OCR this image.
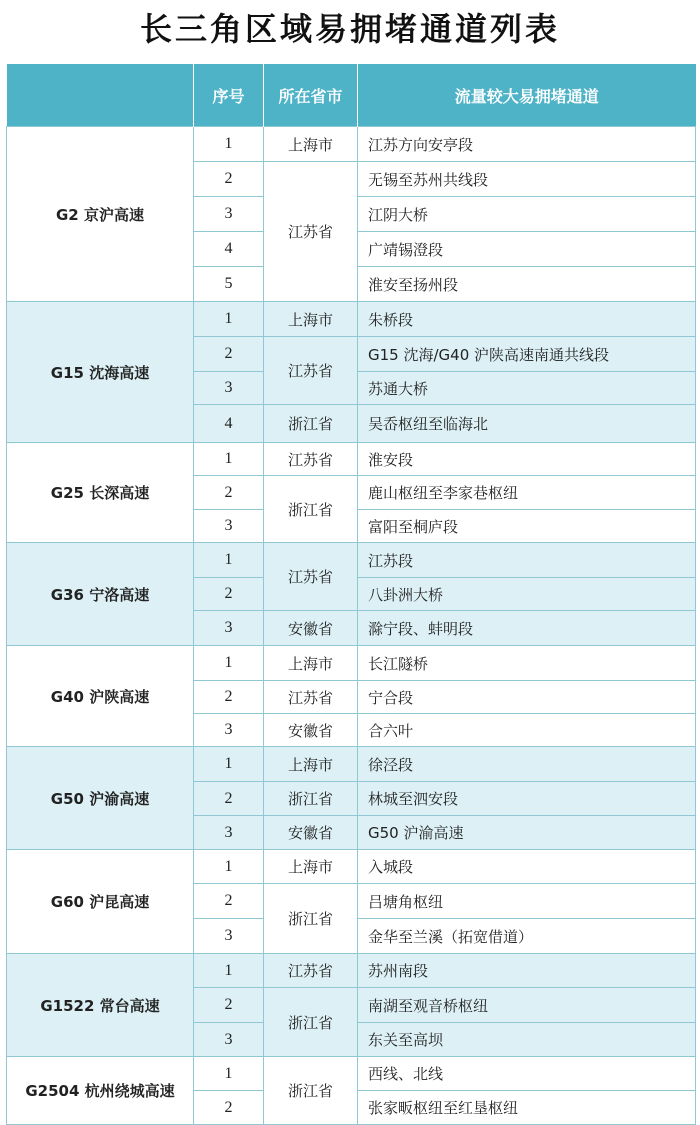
长三角区域易拥堵通道列表
	序号	所在省市	流量较大易拥堵通道
G2 京沪高速	1	上海市	江苏方向安亭段
	2	江苏省	无锡至苏州共线段
	3		江阴大桥
	4		广靖锡澄段
	5		淮安至扬州段
G15 沈海高速	1	上海市	朱桥段
	2	江苏省	G15 沈海/G40 沪陕高速南通共线段
	3		苏通大桥
	4	浙江省	吴岙枢纽至临海北
G25 长深高速	1	江苏省	淮安段
	2	浙江省	鹿山枢纽至李家巷枢纽
	3		富阳至桐庐段
G36 宁洛高速	1	江苏省	江苏段
	2		八卦洲大桥
	3	安徽省	滁宁段、蚌明段
G40 沪陕高速	1	上海市	长江隧桥
	2	江苏省	宁合段
	3	安徽省	合六叶
G50 沪渝高速	1	上海市	徐泾段
	2	浙江省	林城至泗安段
	3	安徽省	G50 沪渝高速
G60 沪昆高速	1	上海市	入城段
	2	浙江省	吕塘角枢纽
	3		金华至兰溪（拓宽借道）
G1522 常台高速	1	江苏省	苏州南段
	2	浙江省	南湖至观音桥枢纽
	3		东关至高坝
G2504 杭州绕城高速	1	浙江省	西线、北线
	2		张家畈枢纽至红垦枢纽
